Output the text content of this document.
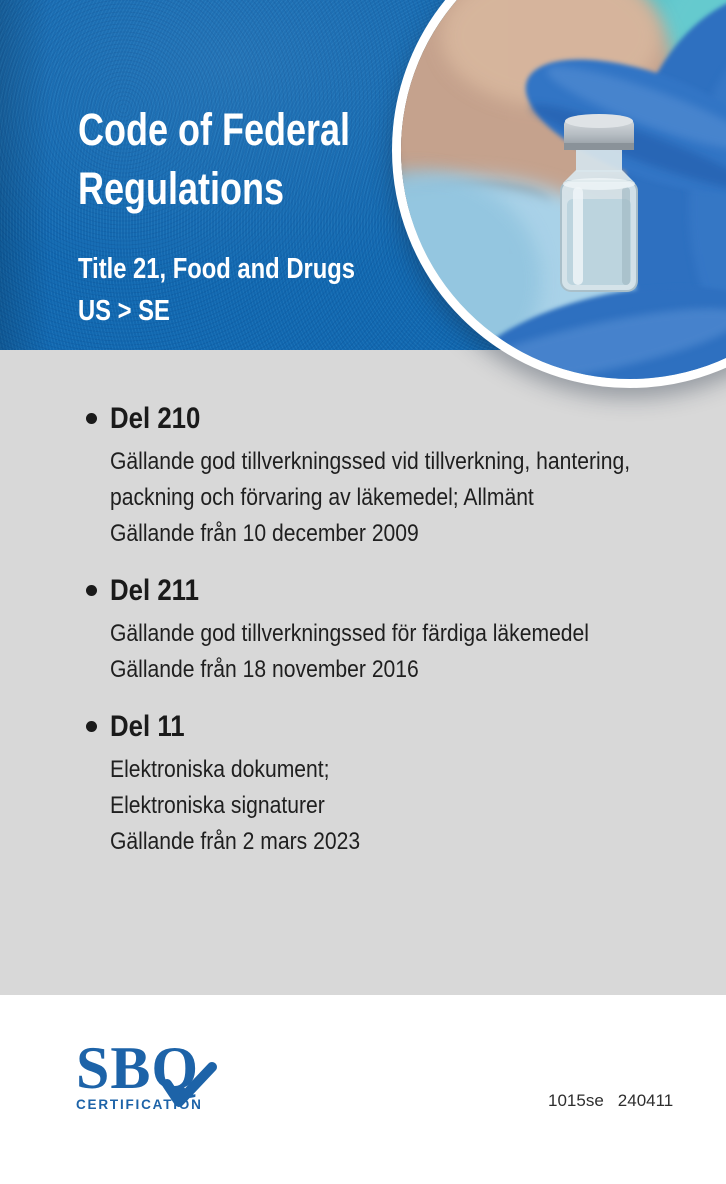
Code of Federal
Regulations
Title 21, Food and Drugs
US > SE
Del 210
Gällande god tillverkningssed vid tillverkning, hantering,
packning och förvaring av läkemedel; Allmänt
Gällande från 10 december 2009
Del 211
Gällande god tillverkningssed för färdiga läkemedel
Gällande från 18 november 2016
Del 11
Elektroniska dokument;
Elektroniska signaturer
Gällande från 2 mars 2023
SBQ
CERTIFICATION	1015se 240411
